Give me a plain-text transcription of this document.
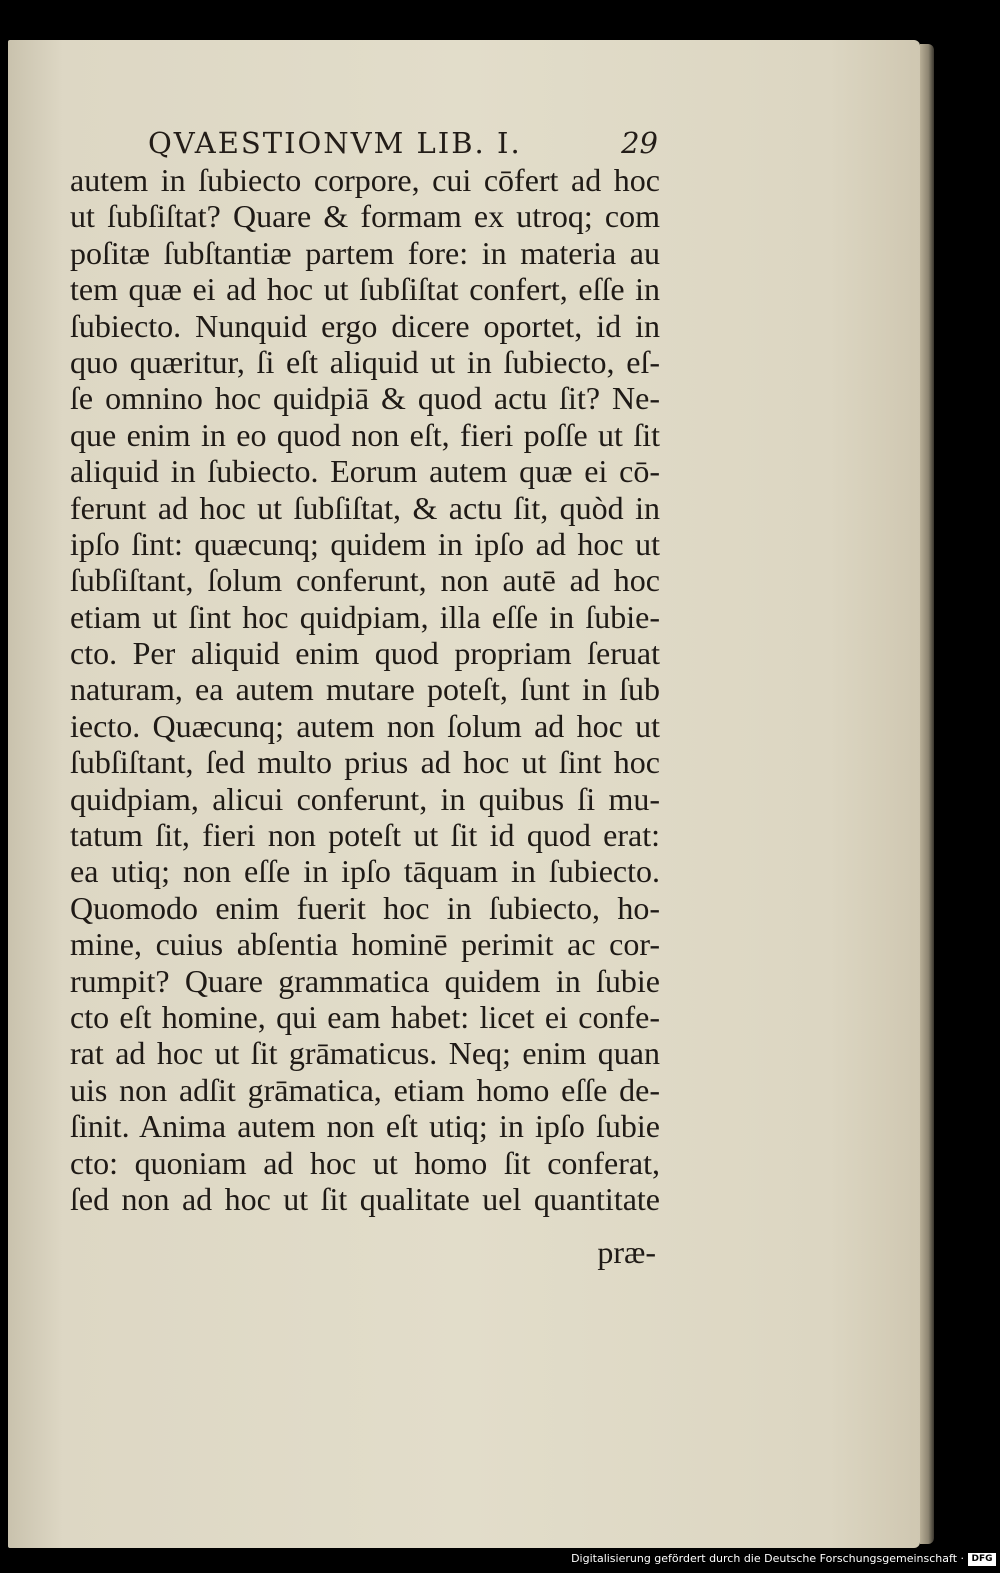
QVAESTIONVM LIB. I.	29
autem in ſubiecto corpore, cui cōfert ad hoc
ut ſubſiſtat? Quare & formam ex utroq; com
poſitæ ſubſtantiæ partem fore: in materia au
tem quæ ei ad hoc ut ſubſiſtat confert, eſſe in
ſubiecto. Nunquid ergo dicere oportet, id in
quo quæritur, ſi eſt aliquid ut in ſubiecto, eſ-
ſe omnino hoc quidpiā & quod actu ſit? Ne-
que enim in eo quod non eſt, fieri poſſe ut ſit
aliquid in ſubiecto. Eorum autem quæ ei cō-
ferunt ad hoc ut ſubſiſtat, & actu ſit, quòd in
ipſo ſint: quæcunq; quidem in ipſo ad hoc ut
ſubſiſtant, ſolum conferunt, non autē ad hoc
etiam ut ſint hoc quidpiam, illa eſſe in ſubie-
cto. Per aliquid enim quod propriam ſeruat
naturam, ea autem mutare poteſt, ſunt in ſub
iecto. Quæcunq; autem non ſolum ad hoc ut
ſubſiſtant, ſed multo prius ad hoc ut ſint hoc
quidpiam, alicui conferunt, in quibus ſi mu-
tatum ſit, fieri non poteſt ut ſit id quod erat:
ea utiq; non eſſe in ipſo tāquam in ſubiecto.
Quomodo enim fuerit hoc in ſubiecto, ho-
mine, cuius abſentia hominē perimit ac cor-
rumpit? Quare grammatica quidem in ſubie
cto eſt homine, qui eam habet: licet ei confe-
rat ad hoc ut ſit grāmaticus. Neq; enim quan
uis non adſit grāmatica, etiam homo eſſe de-
ſinit. Anima autem non eſt utiq; in ipſo ſubie
cto: quoniam ad hoc ut homo ſit conferat,
ſed non ad hoc ut ſit qualitate uel quantitate
præ-
Digitalisierung gefördert durch die Deutsche Forschungsgemeinschaft · DFG
